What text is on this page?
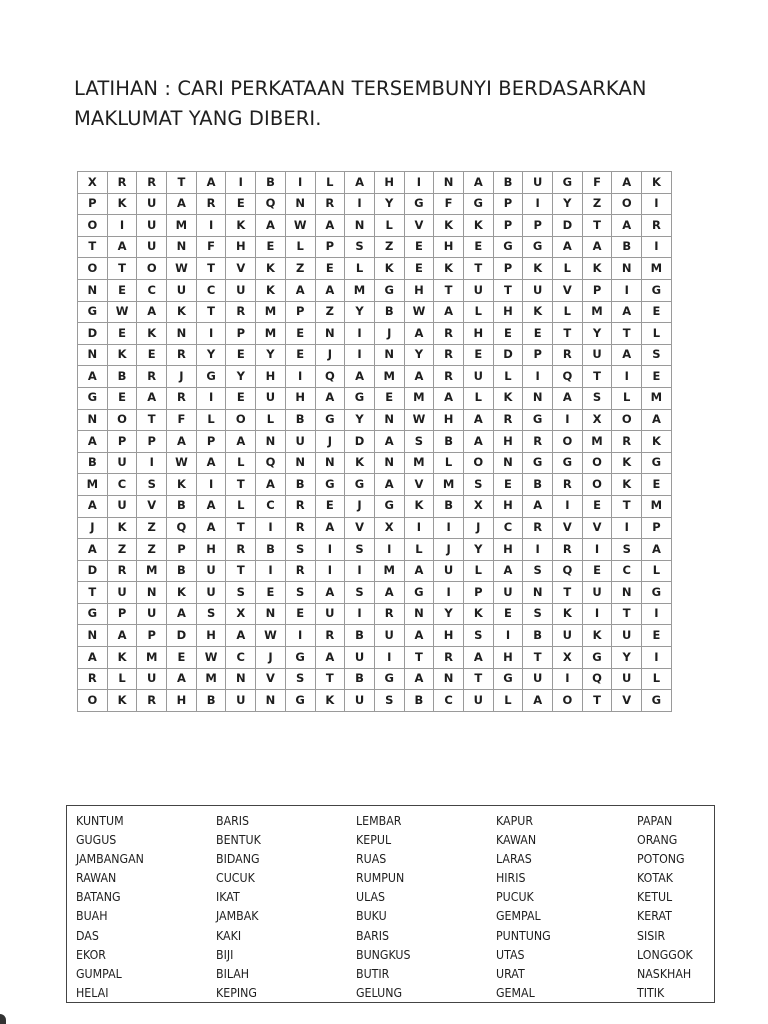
LATIHAN : CARI PERKATAAN TERSEMBUNYI BERDASARKAN
MAKLUMAT YANG DIBERI.
X	R	R	T	A	I	B	I	L	A	H	I	N	A	B	U	G	F	A	K
P	K	U	A	R	E	Q	N	R	I	Y	G	F	G	P	I	Y	Z	O	I
O	I	U	M	I	K	A	W	A	N	L	V	K	K	P	P	D	T	A	R
T	A	U	N	F	H	E	L	P	S	Z	E	H	E	G	G	A	A	B	I
O	T	O	W	T	V	K	Z	E	L	K	E	K	T	P	K	L	K	N	M
N	E	C	U	C	U	K	A	A	M	G	H	T	U	T	U	V	P	I	G
G	W	A	K	T	R	M	P	Z	Y	B	W	A	L	H	K	L	M	A	E
D	E	K	N	I	P	M	E	N	I	J	A	R	H	E	E	T	Y	T	L
N	K	E	R	Y	E	Y	E	J	I	N	Y	R	E	D	P	R	U	A	S
A	B	R	J	G	Y	H	I	Q	A	M	A	R	U	L	I	Q	T	I	E
G	E	A	R	I	E	U	H	A	G	E	M	A	L	K	N	A	S	L	M
N	O	T	F	L	O	L	B	G	Y	N	W	H	A	R	G	I	X	O	A
A	P	P	A	P	A	N	U	J	D	A	S	B	A	H	R	O	M	R	K
B	U	I	W	A	L	Q	N	N	K	N	M	L	O	N	G	G	O	K	G
M	C	S	K	I	T	A	B	G	G	A	V	M	S	E	B	R	O	K	E
A	U	V	B	A	L	C	R	E	J	G	K	B	X	H	A	I	E	T	M
J	K	Z	Q	A	T	I	R	A	V	X	I	I	J	C	R	V	V	I	P
A	Z	Z	P	H	R	B	S	I	S	I	L	J	Y	H	I	R	I	S	A
D	R	M	B	U	T	I	R	I	I	M	A	U	L	A	S	Q	E	C	L
T	U	N	K	U	S	E	S	A	S	A	G	I	P	U	N	T	U	N	G
G	P	U	A	S	X	N	E	U	I	R	N	Y	K	E	S	K	I	T	I
N	A	P	D	H	A	W	I	R	B	U	A	H	S	I	B	U	K	U	E
A	K	M	E	W	C	J	G	A	U	I	T	R	A	H	T	X	G	Y	I
R	L	U	A	M	N	V	S	T	B	G	A	N	T	G	U	I	Q	U	L
O	K	R	H	B	U	N	G	K	U	S	B	C	U	L	A	O	T	V	G
KUNTUM
GUGUS
JAMBANGAN
RAWAN
BATANG
BUAH
DAS
EKOR
GUMPAL
HELAI
BARIS
BENTUK
BIDANG
CUCUK
IKAT
JAMBAK
KAKI
BIJI
BILAH
KEPING
LEMBAR
KEPUL
RUAS
RUMPUN
ULAS
BUKU
BARIS
BUNGKUS
BUTIR
GELUNG
KAPUR
KAWAN
LARAS
HIRIS
PUCUK
GEMPAL
PUNTUNG
UTAS
URAT
GEMAL
PAPAN
ORANG
POTONG
KOTAK
KETUL
KERAT
SISIR
LONGGOK
NASKHAH
TITIK
